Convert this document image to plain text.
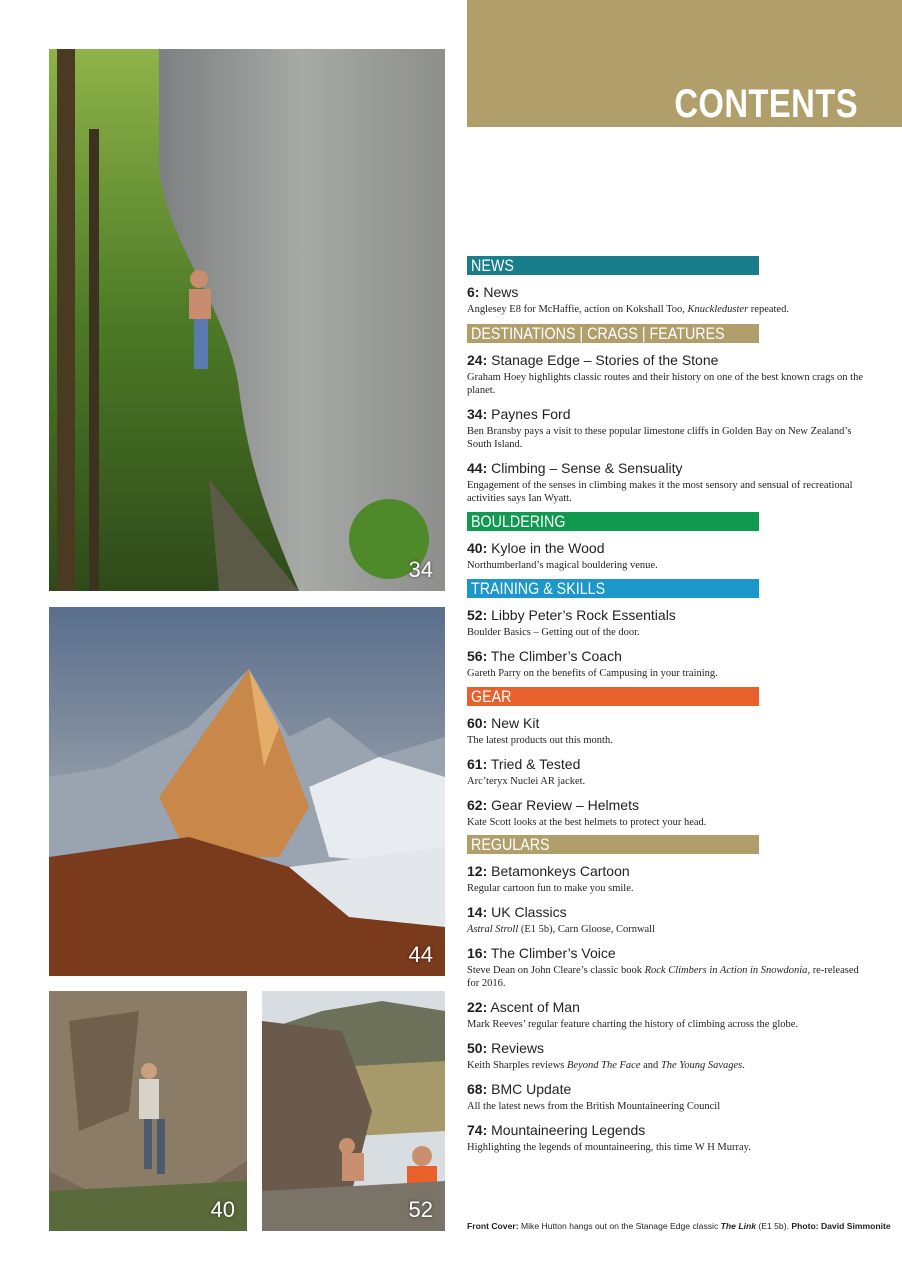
CONTENTS
34
44
40	52
NEWS
6: News
Anglesey E8 for McHaffie, action on Kokshall Too, Knuckleduster repeated.
DESTINATIONS | CRAGS | FEATURES
24: Stanage Edge – Stories of the Stone
Graham Hoey highlights classic routes and their history on one of the best known crags on the planet.
34: Paynes Ford
Ben Bransby pays a visit to these popular limestone cliffs in Golden Bay on New Zealand’s South Island.
44: Climbing – Sense & Sensuality
Engagement of the senses in climbing makes it the most sensory and sensual of recreational activities says Ian Wyatt.
BOULDERING
40: Kyloe in the Wood
Northumberland’s magical bouldering venue.
TRAINING & SKILLS
52: Libby Peter’s Rock Essentials
Boulder Basics – Getting out of the door.
56: The Climber’s Coach
Gareth Parry on the benefits of Campusing in your training.
GEAR
60: New Kit
The latest products out this month.
61: Tried & Tested
Arc’teryx Nuclei AR jacket.
62: Gear Review – Helmets
Kate Scott looks at the best helmets to protect your head.
REGULARS
12: Betamonkeys Cartoon
Regular cartoon fun to make you smile.
14: UK Classics
Astral Stroll (E1 5b), Carn Gloose, Cornwall
16: The Climber’s Voice
Steve Dean on John Cleare’s classic book Rock Climbers in Action in Snowdonia, re-released for 2016.
22: Ascent of Man
Mark Reeves’ regular feature charting the history of climbing across the globe.
50: Reviews
Keith Sharples reviews Beyond The Face and The Young Savages.
68: BMC Update
All the latest news from the British Mountaineering Council
74: Mountaineering Legends
Highlighting the legends of mountaineering, this time W H Murray.
Front Cover: Mike Hutton hangs out on the Stanage Edge classic The Link (E1 5b). Photo: David Simmonite
